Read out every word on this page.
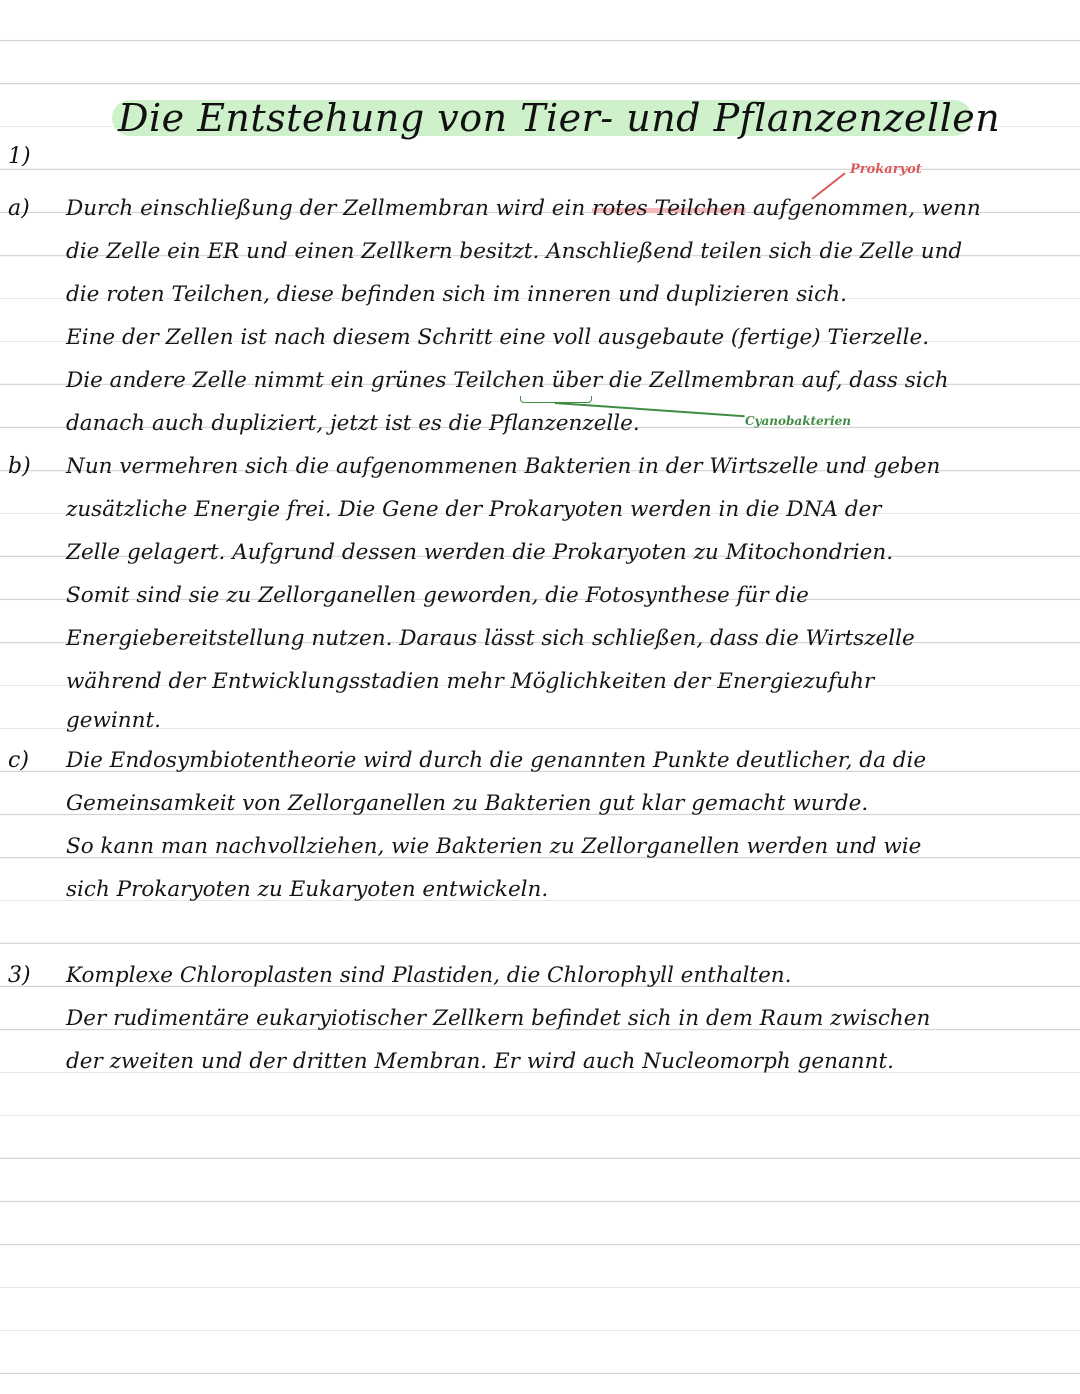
Die Entstehung von Tier- und Pflanzenzellen
1)
Prokaryot
a) Durch einschließung der Zellmembran wird ein rotes Teilchen aufgenommen, wenn
die Zelle ein ER und einen Zellkern besitzt. Anschließend teilen sich die Zelle und
die roten Teilchen, diese befinden sich im inneren und duplizieren sich.
Eine der Zellen ist nach diesem Schritt eine voll ausgebaute (fertige) Tierzelle.
Die andere Zelle nimmt ein grünes Teilchen über die Zellmembran auf, dass sich
danach auch dupliziert, jetzt ist es die Pflanzenzelle.	Cyanobakterien
b) Nun vermehren sich die aufgenommenen Bakterien in der Wirtszelle und geben
zusätzliche Energie frei. Die Gene der Prokaryoten werden in die DNA der
Zelle gelagert. Aufgrund dessen werden die Prokaryoten zu Mitochondrien.
Somit sind sie zu Zellorganellen geworden, die Fotosynthese für die
Energiebereitstellung nutzen. Daraus lässt sich schließen, dass die Wirtszelle
während der Entwicklungsstadien mehr Möglichkeiten der Energiezufuhr
gewinnt.
c) Die Endosymbiotentheorie wird durch die genannten Punkte deutlicher, da die
Gemeinsamkeit von Zellorganellen zu Bakterien gut klar gemacht wurde.
So kann man nachvollziehen, wie Bakterien zu Zellorganellen werden und wie
sich Prokaryoten zu Eukaryoten entwickeln.
3) Komplexe Chloroplasten sind Plastiden, die Chlorophyll enthalten.
Der rudimentäre eukaryiotischer Zellkern befindet sich in dem Raum zwischen
der zweiten und der dritten Membran. Er wird auch Nucleomorph genannt.
